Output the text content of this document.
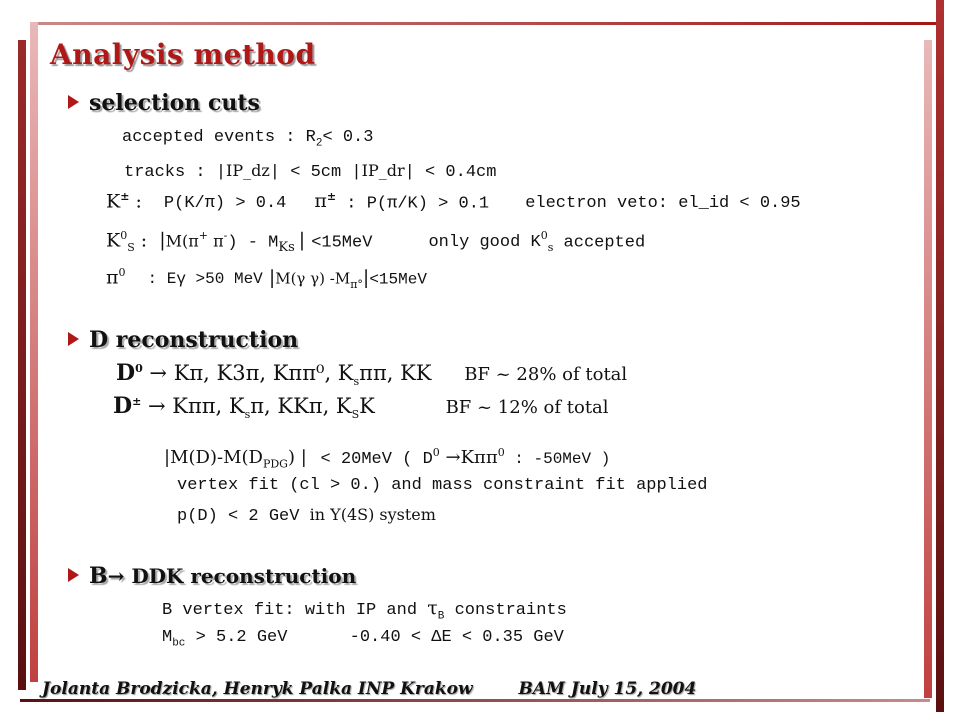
Analysis method
selection cuts
accepted events : $R_2< 0.3$
tracks : |IP_dz| < 5cm |IP_dr| < 0.4cm
K± : P(K/π) > 0.4 π± : P(π/K) > 0.1 electron veto: el_id < 0.95
$K^0_S$ : |M(π+ $\pi^-) - M_{Ks}$ | <15MeV	only good $K^0_s$ accepted
$\pi^0$ : Eγ >50 MeV |M(γ γ) $-M_{\pi^\circ}|<15MeV$
D reconstruction
$D^0 \to K\pi$, K3π, Kππ⁰, $K_s\pi\pi$, KK BF ~ 28% of total
D± → Kππ, $K_s\pi$, KKπ, $K_SK$	BF ~ 12% of total
$|M(D)-M(D_{PDG})$ | < 20MeV ( $D^0 \to K\pi\pi^0$ : -50MeV )
vertex fit (cl > 0.) and mass constraint fit applied
p(D) < 2 GeV in Y(4S) system
B→ DDK reconstruction
B vertex fit: with IP and $\tau_B$ constraints
$M_{bc} > 5.2$ GeV	-0.40 < ΔE < 0.35 GeV
Jolanta Brodzicka, Henryk Palka INP Krakow	BAM July 15, 2004
